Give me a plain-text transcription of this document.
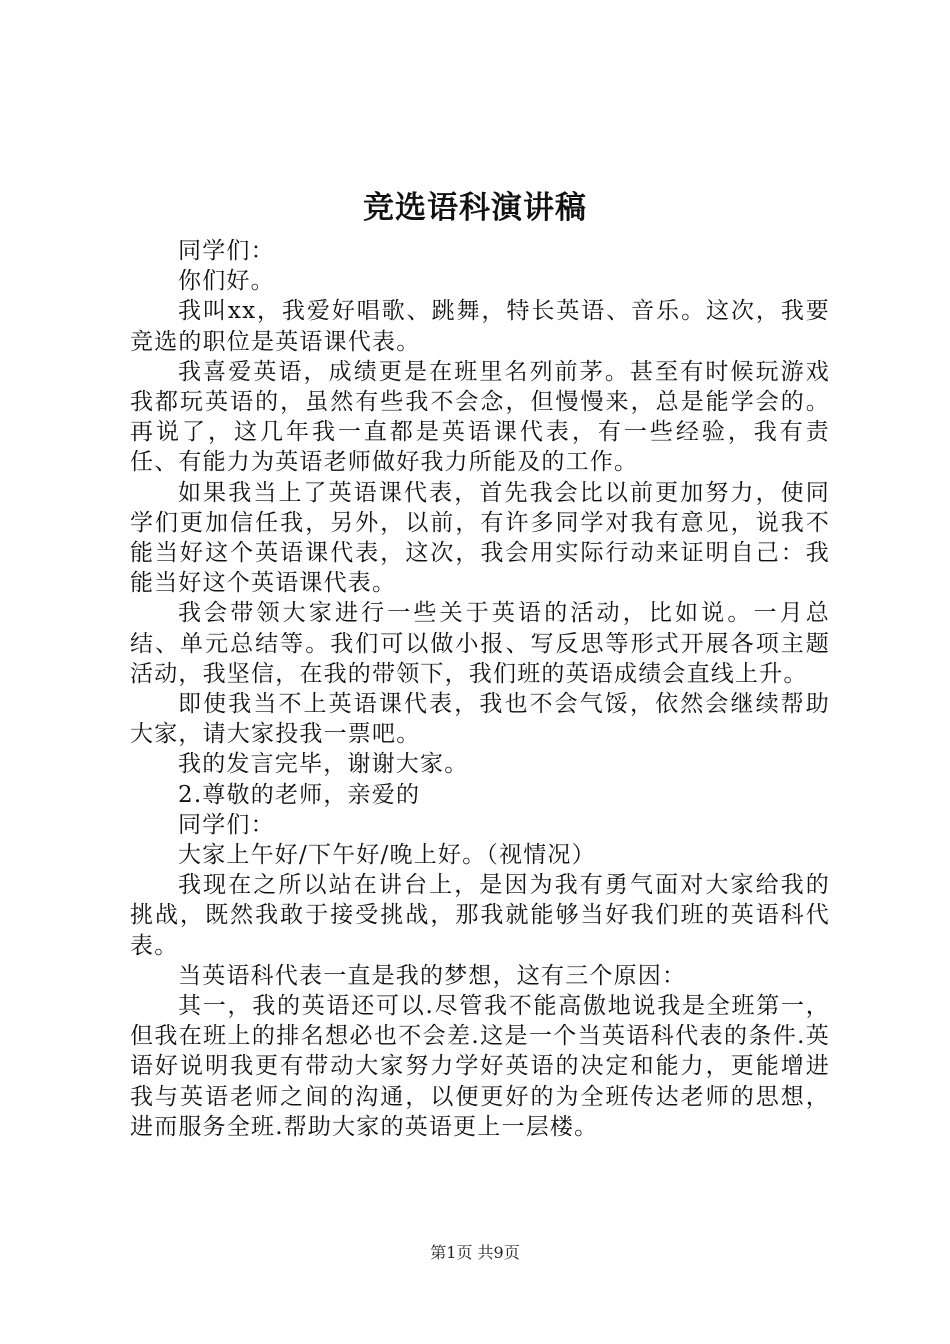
竞选语科演讲稿

同学们：

你们好。

我叫xx，我爱好唱歌、跳舞，特长英语、音乐。这次，我要竞选的职位是英语课代表。

我喜爱英语，成绩更是在班里名列前茅。甚至有时候玩游戏我都玩英语的，虽然有些我不会念，但慢慢来，总是能学会的。再说了，这几年我一直都是英语课代表，有一些经验，我有责任、有能力为英语老师做好我力所能及的工作。

如果我当上了英语课代表，首先我会比以前更加努力，使同学们更加信任我，另外，以前，有许多同学对我有意见，说我不能当好这个英语课代表，这次，我会用实际行动来证明自己：我能当好这个英语课代表。

我会带领大家进行一些关于英语的活动，比如说。一月总结、单元总结等。我们可以做小报、写反思等形式开展各项主题活动，我坚信，在我的带领下，我们班的英语成绩会直线上升。

即使我当不上英语课代表，我也不会气馁，依然会继续帮助大家，请大家投我一票吧。

我的发言完毕，谢谢大家。

2.尊敬的老师，亲爱的

同学们：

大家上午好/下午好/晚上好。（视情况）

我现在之所以站在讲台上，是因为我有勇气面对大家给我的挑战，既然我敢于接受挑战，那我就能够当好我们班的英语科代表。

当英语科代表一直是我的梦想，这有三个原因：

其一，我的英语还可以.尽管我不能高傲地说我是全班第一，但我在班上的排名想必也不会差.这是一个当英语科代表的条件.英语好说明我更有带动大家努力学好英语的决定和能力，更能增进我与英语老师之间的沟通，以便更好的为全班传达老师的思想，进而服务全班.帮助大家的英语更上一层楼。

第1页 共9页
